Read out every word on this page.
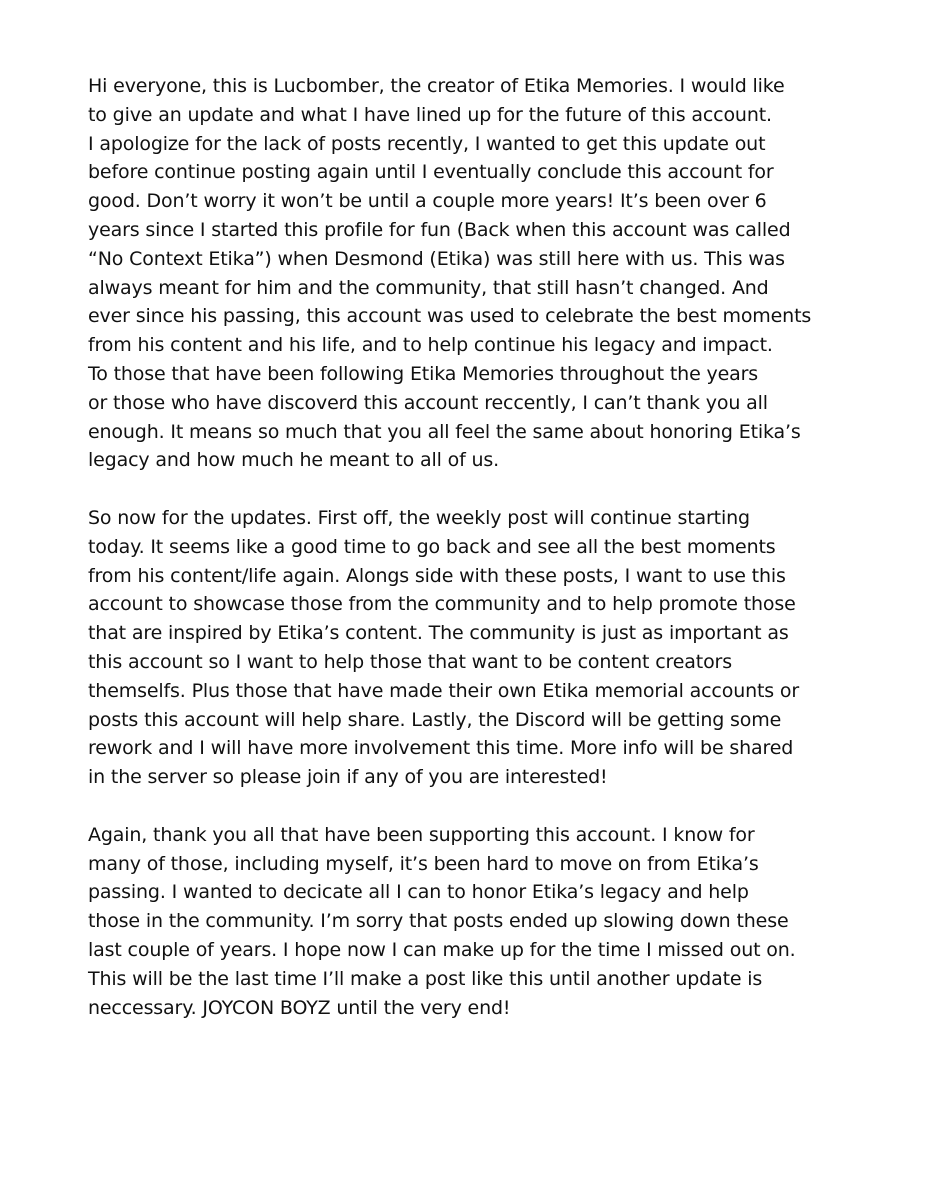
Hi everyone, this is Lucbomber, the creator of Etika Memories. I would like
to give an update and what I have lined up for the future of this account.
I apologize for the lack of posts recently, I wanted to get this update out
before continue posting again until I eventually conclude this account for
good. Don’t worry it won’t be until a couple more years! It’s been over 6
years since I started this profile for fun (Back when this account was called
“No Context Etika”) when Desmond (Etika) was still here with us. This was
always meant for him and the community, that still hasn’t changed. And
ever since his passing, this account was used to celebrate the best moments
from his content and his life, and to help continue his legacy and impact.
To those that have been following Etika Memories throughout the years
or those who have discoverd this account reccently, I can’t thank you all
enough. It means so much that you all feel the same about honoring Etika’s
legacy and how much he meant to all of us.

So now for the updates. First off, the weekly post will continue starting
today. It seems like a good time to go back and see all the best moments
from his content/life again. Alongs side with these posts, I want to use this
account to showcase those from the community and to help promote those
that are inspired by Etika’s content. The community is just as important as
this account so I want to help those that want to be content creators
themselfs. Plus those that have made their own Etika memorial accounts or
posts this account will help share. Lastly, the Discord will be getting some
rework and I will have more involvement this time. More info will be shared
in the server so please join if any of you are interested!

Again, thank you all that have been supporting this account. I know for
many of those, including myself, it’s been hard to move on from Etika’s
passing. I wanted to decicate all I can to honor Etika’s legacy and help
those in the community. I’m sorry that posts ended up slowing down these
last couple of years. I hope now I can make up for the time I missed out on.
This will be the last time I’ll make a post like this until another update is
neccessary. JOYCON BOYZ until the very end!
